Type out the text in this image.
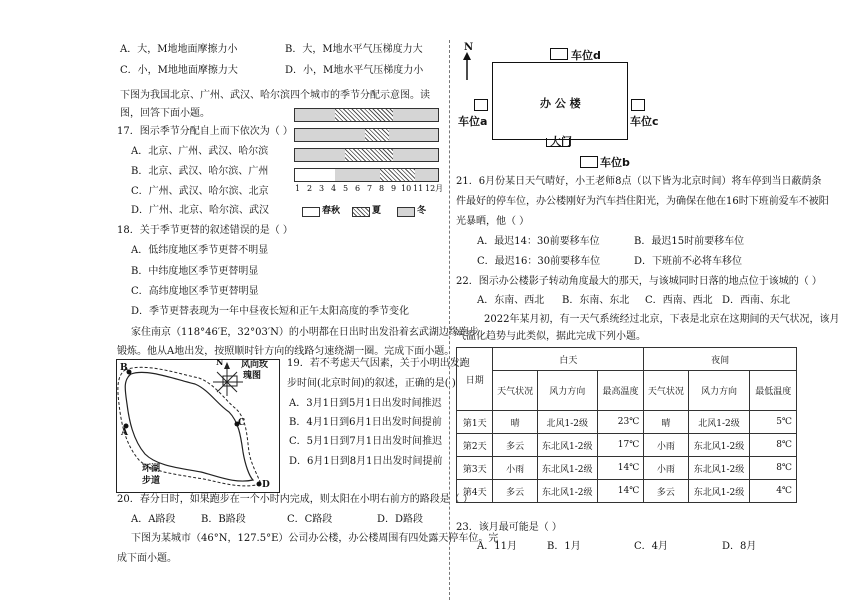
A．大，M地地面摩擦力小	B．大，M地水平气压梯度力大
C．小，M地地面摩擦力大	D．小，M地水平气压梯度力小
下图为我国北京、广州、武汉、哈尔滨四个城市的季节分配示意图。读图，回答下面小题。
17．图示季节分配自上而下依次为（ ）
A．北京、广州、武汉、哈尔滨
B．北京、武汉、哈尔滨、广州
C．广州、武汉、哈尔滨、北京
D．广州、北京、哈尔滨、武汉
1 2 3 4 5 6 7 8 9 10 11 12月
春秋	夏	冬
18．关于季节更替的叙述错误的是（ ）
A．低纬度地区季节更替不明显
B．中纬度地区季节更替明显
C．高纬度地区季节更替明显
D．季节更替表现为一年中昼夜长短和正午太阳高度的季节变化
家住南京（118°46′E，32°03′N）的小明都在日出时出发沿着玄武湖边缘跑步
锻炼。他从A地出发，按照顺时针方向的线路匀速绕湖一圈。完成下面小题。
B
A
C
D
N 风向玫
瑰图
环湖
步道
19．若不考虑天气因素，关于小明出发跑
步时间(北京时间)的叙述，正确的是( )
A．3月1日到5月1日出发时间推迟
B．4月1日到6月1日出发时间提前
C．5月1日到7月1日出发时间推迟
D．6月1日到8月1日出发时间提前
20．春分日时，如果跑步在一个小时内完成，则太阳在小明右前方的路段是（ ）
A．A路段	B．B路段	C．C路段	D．D路段
下图为某城市（46°N，127.5°E）公司办公楼，办公楼周围有四处露天停车位。完
成下面小题。
N
办 公 楼
车位d
车位a	车位c
大门
车位b
21．6月份某日天气晴好，小王老师8点（以下皆为北京时间）将车停到当日蔽荫条
件最好的停车位，办公楼刚好为汽车挡住阳光，为确保在他在16时下班前爱车不被阳
光暴晒，他（ ）
A．最迟14：30前要移车位	B．最迟15时前要移车位
C．最迟16：30前要移车位	D．下班前不必将车移位
22．图示办公楼影子转动角度最大的那天，与该城同时日落的地点位于该城的（ ）
A．东南、西北 B．东南、东北 C．西南、西北 D．西南、东北
2022年某月初，有一天气系统经过北京，下表是北京在这期间的天气状况，该月
气温化趋势与此类似，据此完成下列小题。
日期	白天			夜间		
	天气状况	风力方向	最高温度	天气状况	风力方向	最低温度
第1天	晴	北风1-2级	23℃	晴	北风1-2级	5℃
第2天	多云	东北风1-2级	17℃	小雨	东北风1-2级	8℃
第3天	小雨	东北风1-2级	14℃	小雨	东北风1-2级	8℃
第4天	多云	东北风1-2级	14℃	多云	东北风1-2级	4℃
23．该月最可能是（ ）
A．11月	B．1月	C．4月	D．8月
